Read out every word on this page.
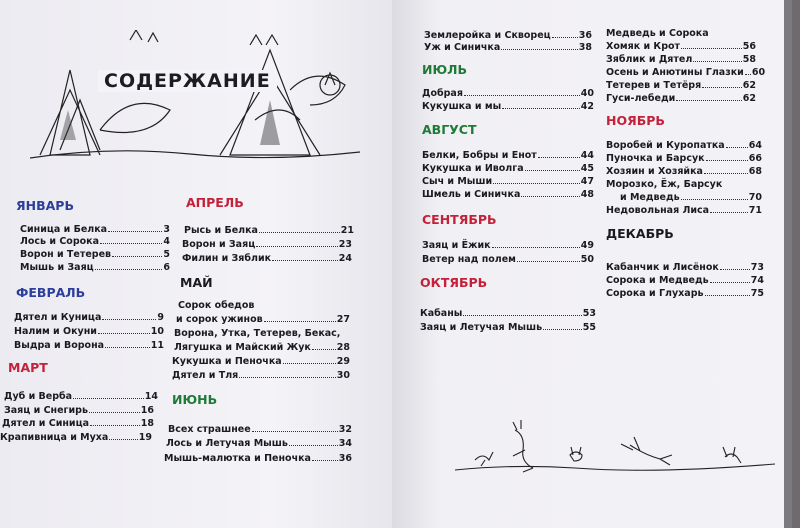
СОДЕРЖАНИЕ
ЯНВАРЬ
Синица и Белка	3
Лось и Сорока	4
Ворон и Тетерев	5
Мышь и Заяц	6
ФЕВРАЛЬ
Дятел и Куница	9
Налим и Окуни	10
Выдра и Ворона	11
МАРТ
Дуб и Верба	14
Заяц и Снегирь	16
Дятел и Синица	18
Крапивница и Муха	19
АПРЕЛЬ
Рысь и Белка	21
Ворон и Заяц	23
Филин и Зяблик	24
МАЙ
Сорок обедов
и сорок ужинов	27
Ворона, Утка, Тетерев, Бекас,
Лягушка и Майский Жук	28
Кукушка и Пеночка	29
Дятел и Тля	30
ИЮНЬ
Всех страшнее	32
Лось и Летучая Мышь	34
Мышь-малютка и Пеночка	36
Землеройка и Скворец	36
Уж и Синичка	38
ИЮЛЬ
Добрая	40
Кукушка и мы	42
АВГУСТ
Белки, Бобры и Енот	44
Кукушка и Иволга	45
Сыч и Мыши	47
Шмель и Синичка	48
СЕНТЯБРЬ
Заяц и Ёжик	49
Ветер над полем	50
ОКТЯБРЬ
Кабаны	53
Заяц и Летучая Мышь	55
Медведь и Сорока
Хомяк и Крот	56
Зяблик и Дятел	58
Осень и Анютины Глазки 60
Тетерев и Тетёря	62
Гуси-лебеди	62
НОЯБРЬ
Воробей и Куропатка	64
Пуночка и Барсук	66
Хозяин и Хозяйка	68
Морозко, Ёж, Барсук
и Медведь	70
Недовольная Лиса	71
ДЕКАБРЬ
Кабанчик и Лисёнок	73
Сорока и Медведь	74
Сорока и Глухарь	75
